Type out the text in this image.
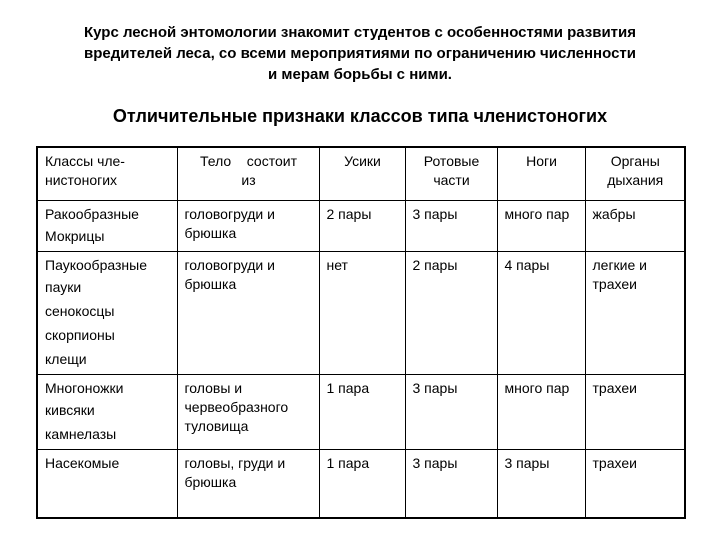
Курс лесной энтомологии знакомит студентов с особенностями развития
вредителей леса, со всеми мероприятиями по ограничению численности
и мерам борьбы с ними.
Отличительные признаки классов типа членистоногих
Классы чле-
нистоногих	Тело    состоит
из	Усики	Ротовые
части	Ноги	Органы
дыхания

Ракообразные
Мокрицы	головогруди и
брюшка	2 пары	3 пары	много пар	жабры

Паукообразные
пауки
сенокосцы
скорпионы
клещи	головогруди и
брюшка	нет	2 пары	4 пары	легкие и
трахеи

Многоножки
кивсяки
камнелазы	головы и
червеобразного
туловища	1 пара	3 пары	много пар	трахеи

Насекомые	головы, груди и
брюшка	1 пара	3 пары	3 пары	трахеи
